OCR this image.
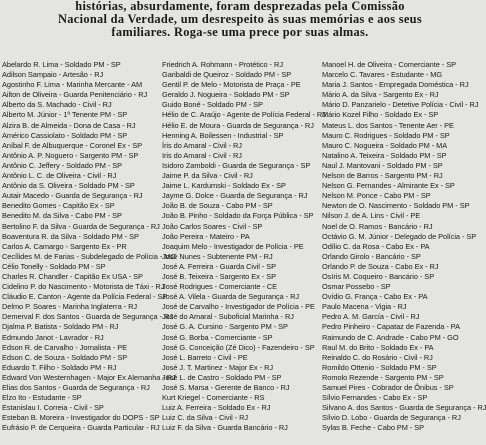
histórias, absurdamente, foram desprezadas pela Comissão
Nacional da Verdade, um desrespeito às suas memórias e aos seus
familiares. Roga-se uma prece por suas almas.
Abelardo R. Lima - Soldado PM - SP
Adilson Sampaio - Artesão - RJ
Agostinho F. Lima - Marinha Mercante - AM
Ailton de Oliveira - Guarda Penitenciário - RJ
Alberto da S. Machado - Civil - RJ
Alberto M. Júnior - 1º Tenente PM - SP
Alzira B. de Almeida - Dona de Casa - RJ
Américo Cassiolato - Soldado PM - SP
Aníbal F. de Albuquerque - Coronel Ex - SP
Antônio A. P. Noguero - Sargento PM - SP
Antônio C. Jeffery - Soldado PM - SP
Antônio L. C. de Oliveira - Civil - RJ
Antônio da S. Oliveira - Soldado PM - SP
Autair Macedo - Guarda de Segurança - RJ
Benedito Gomes - Capitão Ex - SP
Benedito M. da Silva - Cabo PM - SP
Bertolino F. da Silva - Guarda de Segurança - RJ
Boaventura R. da Silva - Soldado PM - SP
Carlos A. Camargo - Sargento Ex - PR
Cecílides M. de Farias - Subdelegado de Polícia - MG
Célio Tonelly - Soldado PM - SP
Charles R. Chandler - Capitão Ex USA - SP
Cidelino P. do Nascimento - Motorista de Táxi - RJ
Cláudio E. Canton - Agente da Polícia Federal - SP
Delmo P. Soares - Marinha Inglaterra - RJ
Demerval F. dos Santos - Guarda de Segurança - RJ
Djalma P. Batista - Soldado PM - RJ
Edmundo Janot - Lavrador - RJ
Edson R. de Carvalho - Jornalista - PE
Edson C. de Souza - Soldado PM - SP
Eduardo T. Filho - Soldado PM - RJ
Edward Von Westernhagen - Major Ex Alemanha - RJ
Elias dos Santos - Guarda de Segurança - RJ
Elzo Ito - Estudante - SP
Estanislau I. Correia - Civil - SP
Esteban B. Moreira - Investigador do DOPS - SP
Eufrásio P. de Cerqueira - Guarda Particular - RJ
Friedrich A. Rohmann - Protético - RJ
Garibaldi de Queiroz - Soldado PM - SP
Gentil P. de Melo - Motorista de Praça - PE
Geraldo J. Nogueira - Soldado PM - SP
Guido Boné - Soldado PM - SP
Hélio de C. Araújo - Agente de Polícia Federal - RJ
Hélio E. de Moura - Guarda de Segurança - RJ
Henning A. Boilessen - Industrial - SP
Íris do Amaral - Civil - RJ
Iris do Amaral - Civil - RJ
Isidoro Zamboldi - Guarda de Segurança - SP
Jaime P. da Silva - Civil - RJ
Jaime L. Kardumski - Soldado Ex - SP
Jayme G. Dolce - Guarda de Segurança - RJ
João B. de Souza - Cabo PM - SP
João B. Pinho - Soldado da Força Pública - SP
João Carlos Soares - Civil - SP
João Pereira - Mateiro - PA
Joaquim Melo - Investigador de Polícia - PE
José Nunes - Subtenente PM - RJ
José A. Ferreira - Guarda Civil - SP
José B. Teixeira - Sargento Ex - SP
José Rodrigues - Comerciante - CE
José A. Vilela - Guarda de Segurança - RJ
José de Carvalho - Investigador de Polícia - PE
José do Amaral - Suboficial Marinha - RJ
José G. A. Cursino - Sargento PM - SP
José G. Borba - Comerciante - SP
José G. Conceição (Zé Dico) - Fazendeiro - SP
José L. Barreto - Civil - PE
José J. T. Martinez - Major Ex - RJ
José L. de Castro - Soldado PM - SP
José S. Marsa - Gerente de Banco - RJ
Kurt Kriegel - Comerciante - RS
Luiz A. Ferreira - Soldado Ex - RJ
Luiz C. da Silva - Civil - RJ
Luiz F. da Silva - Guarda Bancário - RJ
Manoel H. de Oliveira - Comerciante - SP
Marcelo C. Tavares - Estudante - MG
Maria J. Santos - Empregada Doméstica - RJ
Mário A. da Silva - Sargento Ex - RJ
Mário D. Panzarielo - Detetive Polícia - Civil - RJ
Mário Kozel Filho - Soldado Ex - SP
Mateus L. dos Santos - Tenente Aer - PE
Mauro C. Rodrigues - Soldado PM - SP
Mauro C. Nogueira - Soldado PM - MA
Natalino A. Teixeira - Soldado PM - SP
Naul J. Mantovani - Soldado PM - SP
Nelson de Barros - Sargento PM - RJ
Nelson G. Fernandes - Almirante Ex - SP
Nelson M. Ponce - Cabo PM - SP
Newton de O. Nascimento - Soldado PM - SP
Nilson J. de A. Lins - Civil - PE
Noel de O. Ramos - Bancário - RJ
Octávio G. M. Júnior - Delegado de Polícia - SP
Odílio C. da Rosa - Cabo Ex - PA
Orlando Girolo - Bancário - SP
Orlando P. de Souza - Cabo Ex - RJ
Osíris M. Coqueiro - Bancário - SP
Osmar Possebo - SP
Ovídio G. França - Cabo Ex - PA
Paulo Macena - Vigia - RJ
Pedro A. M. García - Civil - RJ
Pedro Pinheiro - Capataz de Fazenda - PA
Raimundo de C. Andrade - Cabo PM - GO
Raul M. do Brito - Soldado Ex - PA
Reinaldo C. do Rosário - Civil - RJ
Romildo Ottenio - Soldado PM - SP
Romolo Rezende - Sargento PM - SP
Samuel Pires - Cobrador de Ônibus - SP
Sílvio Fernandes - Cabo Ex - SP
Silvano A. dos Santos - Guarda de Segurança - RJ
Sílvio D. Lobo - Guarda de Segurança - RJ
Sylas B. Feche - Cabo PM - SP
